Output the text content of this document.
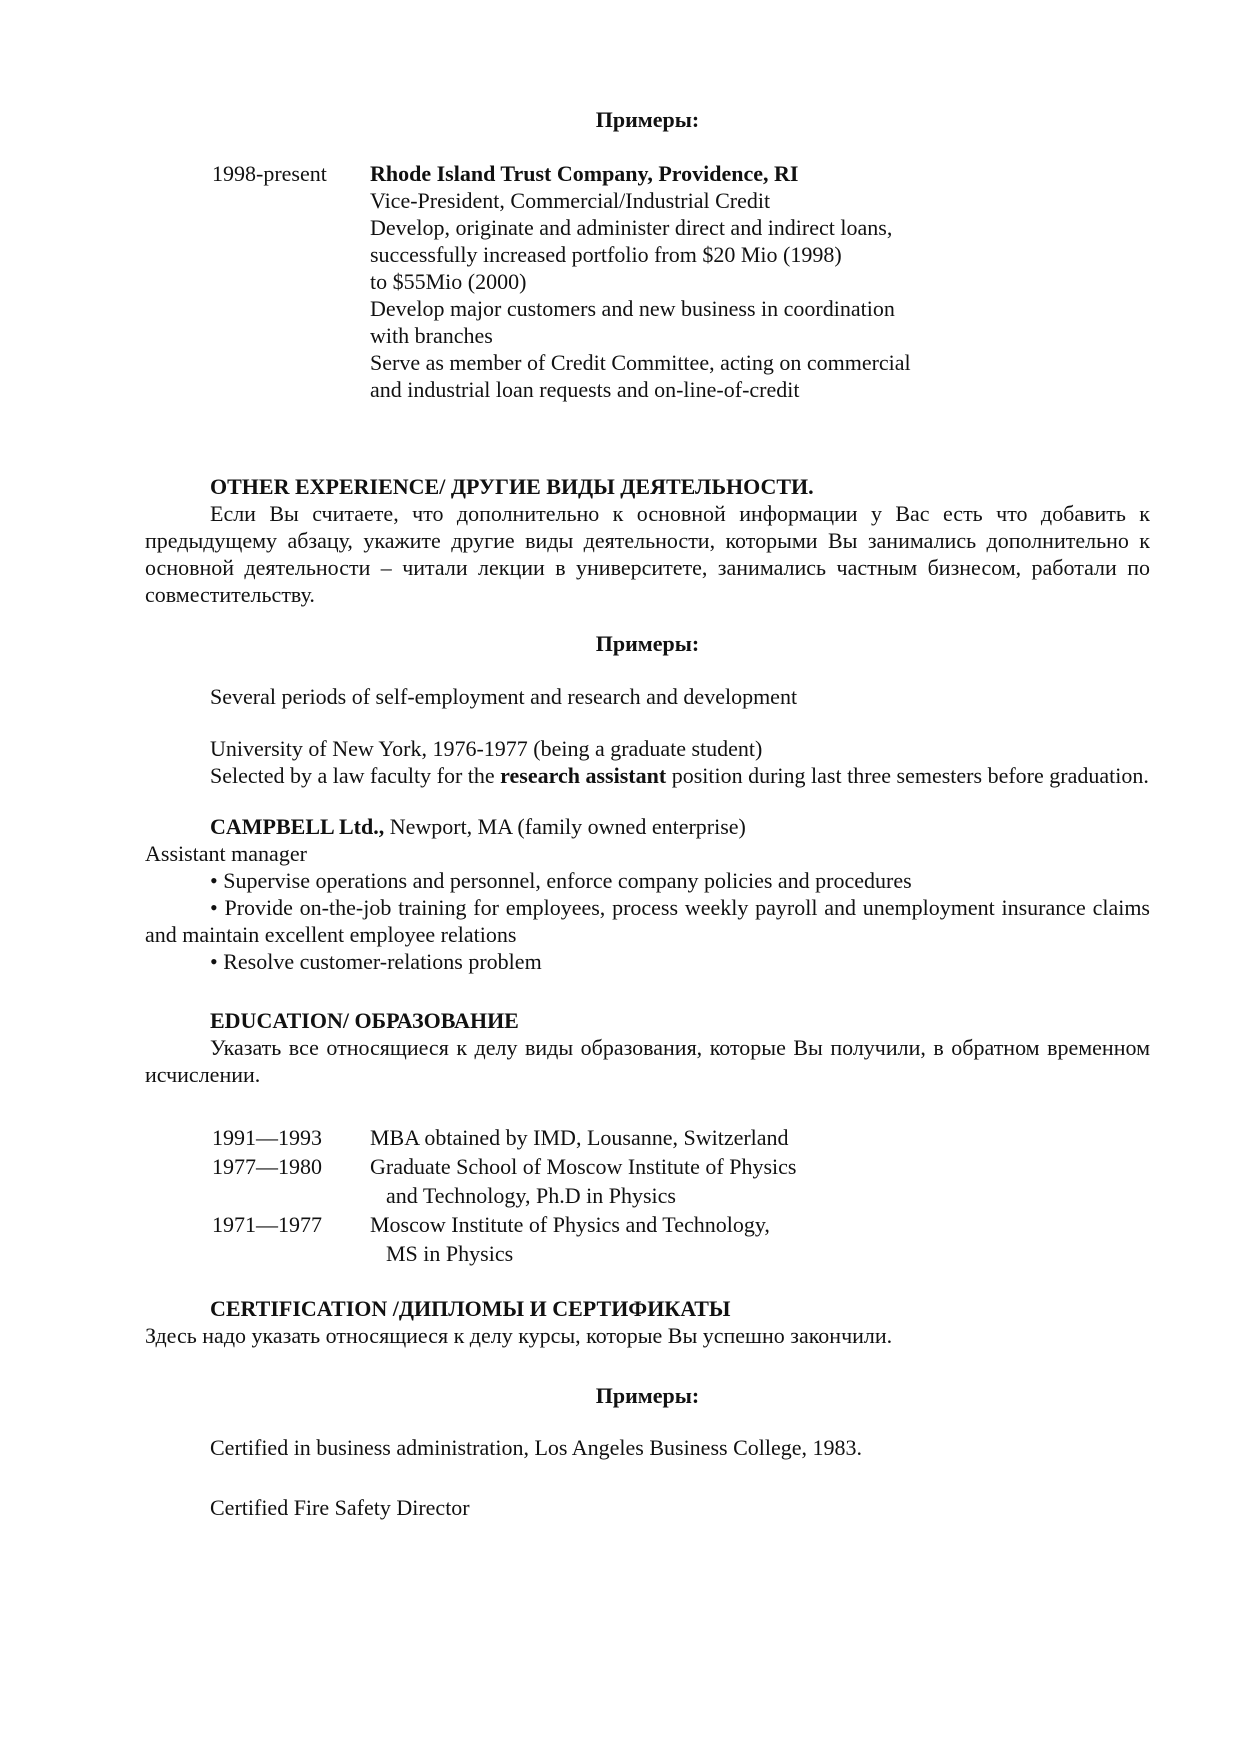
Примеры:
1998-present	Rhode Island Trust Company, Providence, RI
Vice-President, Commercial/Industrial Credit
Develop, originate and administer direct and indirect loans,
successfully increased portfolio from $20 Mio (1998)
to $55Mio (2000)
Develop major customers and new business in coordination
with branches
Serve as member of Credit Committee, acting on commercial
and industrial loan requests and on-line-of-credit
OTHER EXPERIENCE/ ДРУГИЕ ВИДЫ ДЕЯТЕЛЬНОСТИ.

Если Вы считаете, что дополнительно к основной информации у Вас есть что добавить к предыдущему абзацу, укажите другие виды деятельности, которыми Вы занимались дополнительно к основной деятельности – читали лекции в университете, занимались частным бизнесом, работали по совместительству.

Примеры:
Several periods of self-employment and research and development
University of New York, 1976-1977 (being a graduate student)

Selected by a law faculty for the research assistant position during last three semesters before graduation.

CAMPBELL Ltd., Newport, MA (family owned enterprise)
Assistant manager

• Supervise operations and personnel, enforce company policies and procedures

• Provide on-the-job training for employees, process weekly payroll and unemployment insurance claims and maintain excellent employee relations

• Resolve customer-relations problem

EDUCATION/ ОБРАЗОВАНИЕ

Указать все относящиеся к делу виды образования, которые Вы получили, в обратном временном исчислении.

1991—1993	MBA obtained by IMD, Lousanne, Switzerland
1977—1980	Graduate School of Moscow Institute of Physics
and Technology, Ph.D in Physics
1971—1977	Moscow Institute of Physics and Technology,
MS in Physics
CERTIFICATION /ДИПЛОМЫ И СЕРТИФИКАТЫ

Здесь надо указать относящиеся к делу курсы, которые Вы успешно закончили.

Примеры:
Certified in business administration, Los Angeles Business College, 1983.
Certified Fire Safety Director
